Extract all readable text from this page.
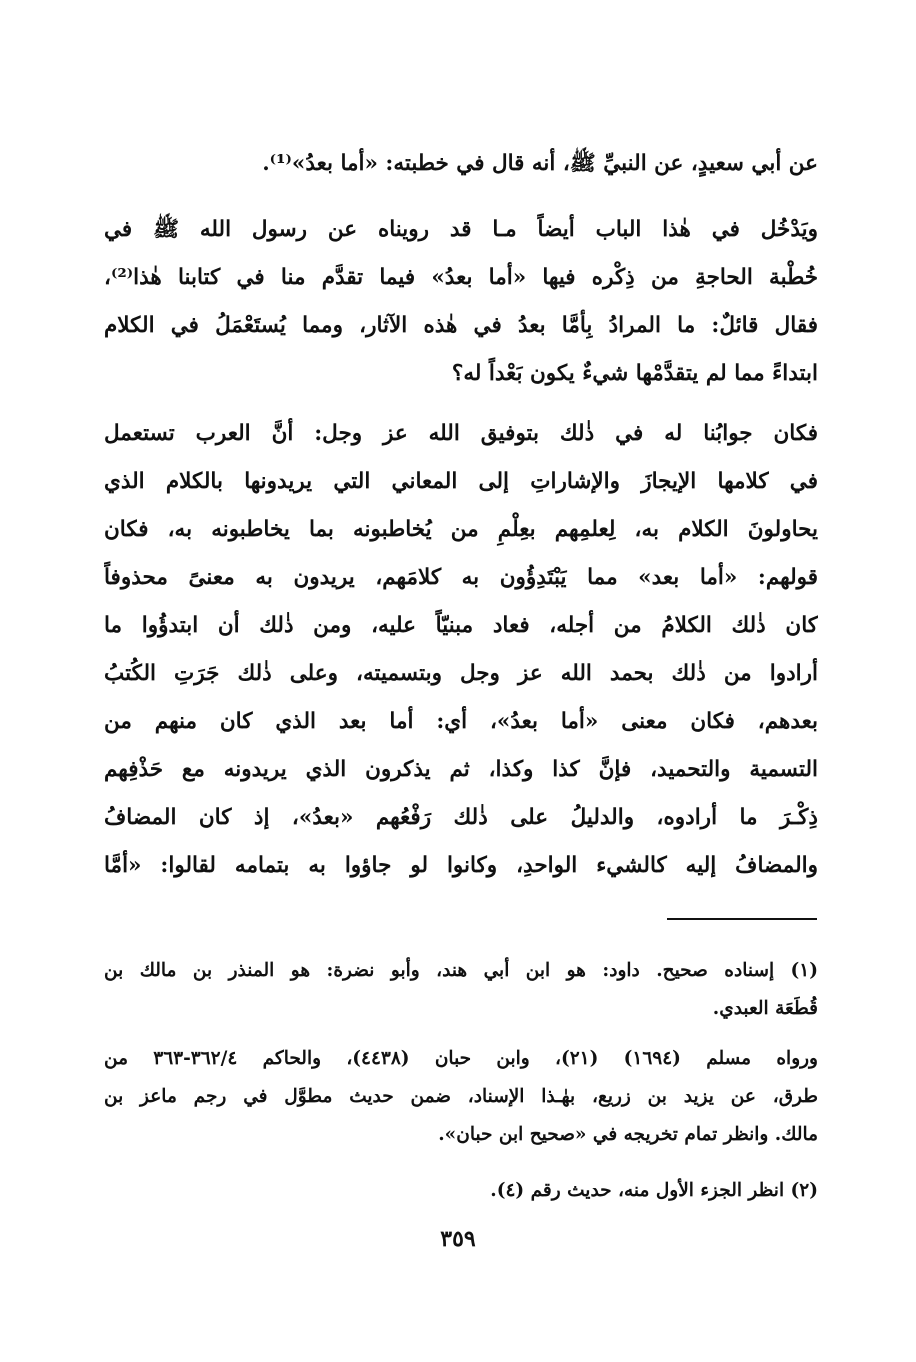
عن أبي سعيدٍ، عن النبيِّ ﷺ، أنه قال في خطبته: «أما بعدُ»⁽¹⁾.
ويَدْخُل في هٰذا الباب أيضاً مـا قد رويناه عن رسول الله ﷺ في
خُطْبة الحاجةِ من ذِكْره فيها «أما بعدُ» فيما تقدَّم منا في كتابنا هٰذا⁽²⁾،
فقال قائلٌ: ما المرادُ بِأمَّا بعدُ في هٰذه الآثار، ومما يُستَعْمَلُ في الكلام
ابتداءً مما لم يتقدَّمْها شيءٌ يكون بَعْداً له؟
فكان جوابُنا له في ذٰلك بتوفيق الله عز وجل: أنَّ العرب تستعمل
في كلامها الإيجازَ والإشاراتِ إلى المعاني التي يريدونها بالكلام الذي
يحاولونَ الكلام به، لِعلمِهم بعِلْمِ من يُخاطبونه بما يخاطبونه به، فكان
قولهم: «أما بعد» مما يَبْتَدِؤُون به كلامَهم، يريدون به معنىً محذوفاً
كان ذٰلك الكلامُ من أجله، فعاد مبنيّاً عليه، ومن ذٰلك أن ابتدؤُوا ما
أرادوا من ذٰلك بحمد الله عز وجل وبتسميته، وعلى ذٰلك جَرَتِ الكُتبُ
بعدهم، فكان معنى «أما بعدُ»، أي: أما بعد الذي كان منهم من
التسمية والتحميد، فإنَّ كذا وكذا، ثم يذكرون الذي يريدونه مع حَذْفِهم
ذِكْـرَ ما أرادوه، والدليلُ على ذٰلك رَفْعُهم «بعدُ»، إذ كان المضافُ
والمضافُ إليه كالشيء الواحدِ، وكانوا لو جاؤوا به بتمامه لقالوا: «أمَّا
(١) إسناده صحيح. داود: هو ابن أبي هند، وأبو نضرة: هو المنذر بن مالك بن
قُطَعَة العبدي.
ورواه مسلم (١٦٩٤) (٢١)، وابن حبان (٤٤٣٨)، والحاكم ٣٦٢/٤-٣٦٣ من
طرق، عن يزيد بن زريع، بهٰـذا الإسناد، ضمن حديث مطوَّل في رجم ماعز بن
مالك. وانظر تمام تخريجه في «صحيح ابن حبان».
(٢) انظر الجزء الأول منه، حديث رقم (٤).
٣٥٩
